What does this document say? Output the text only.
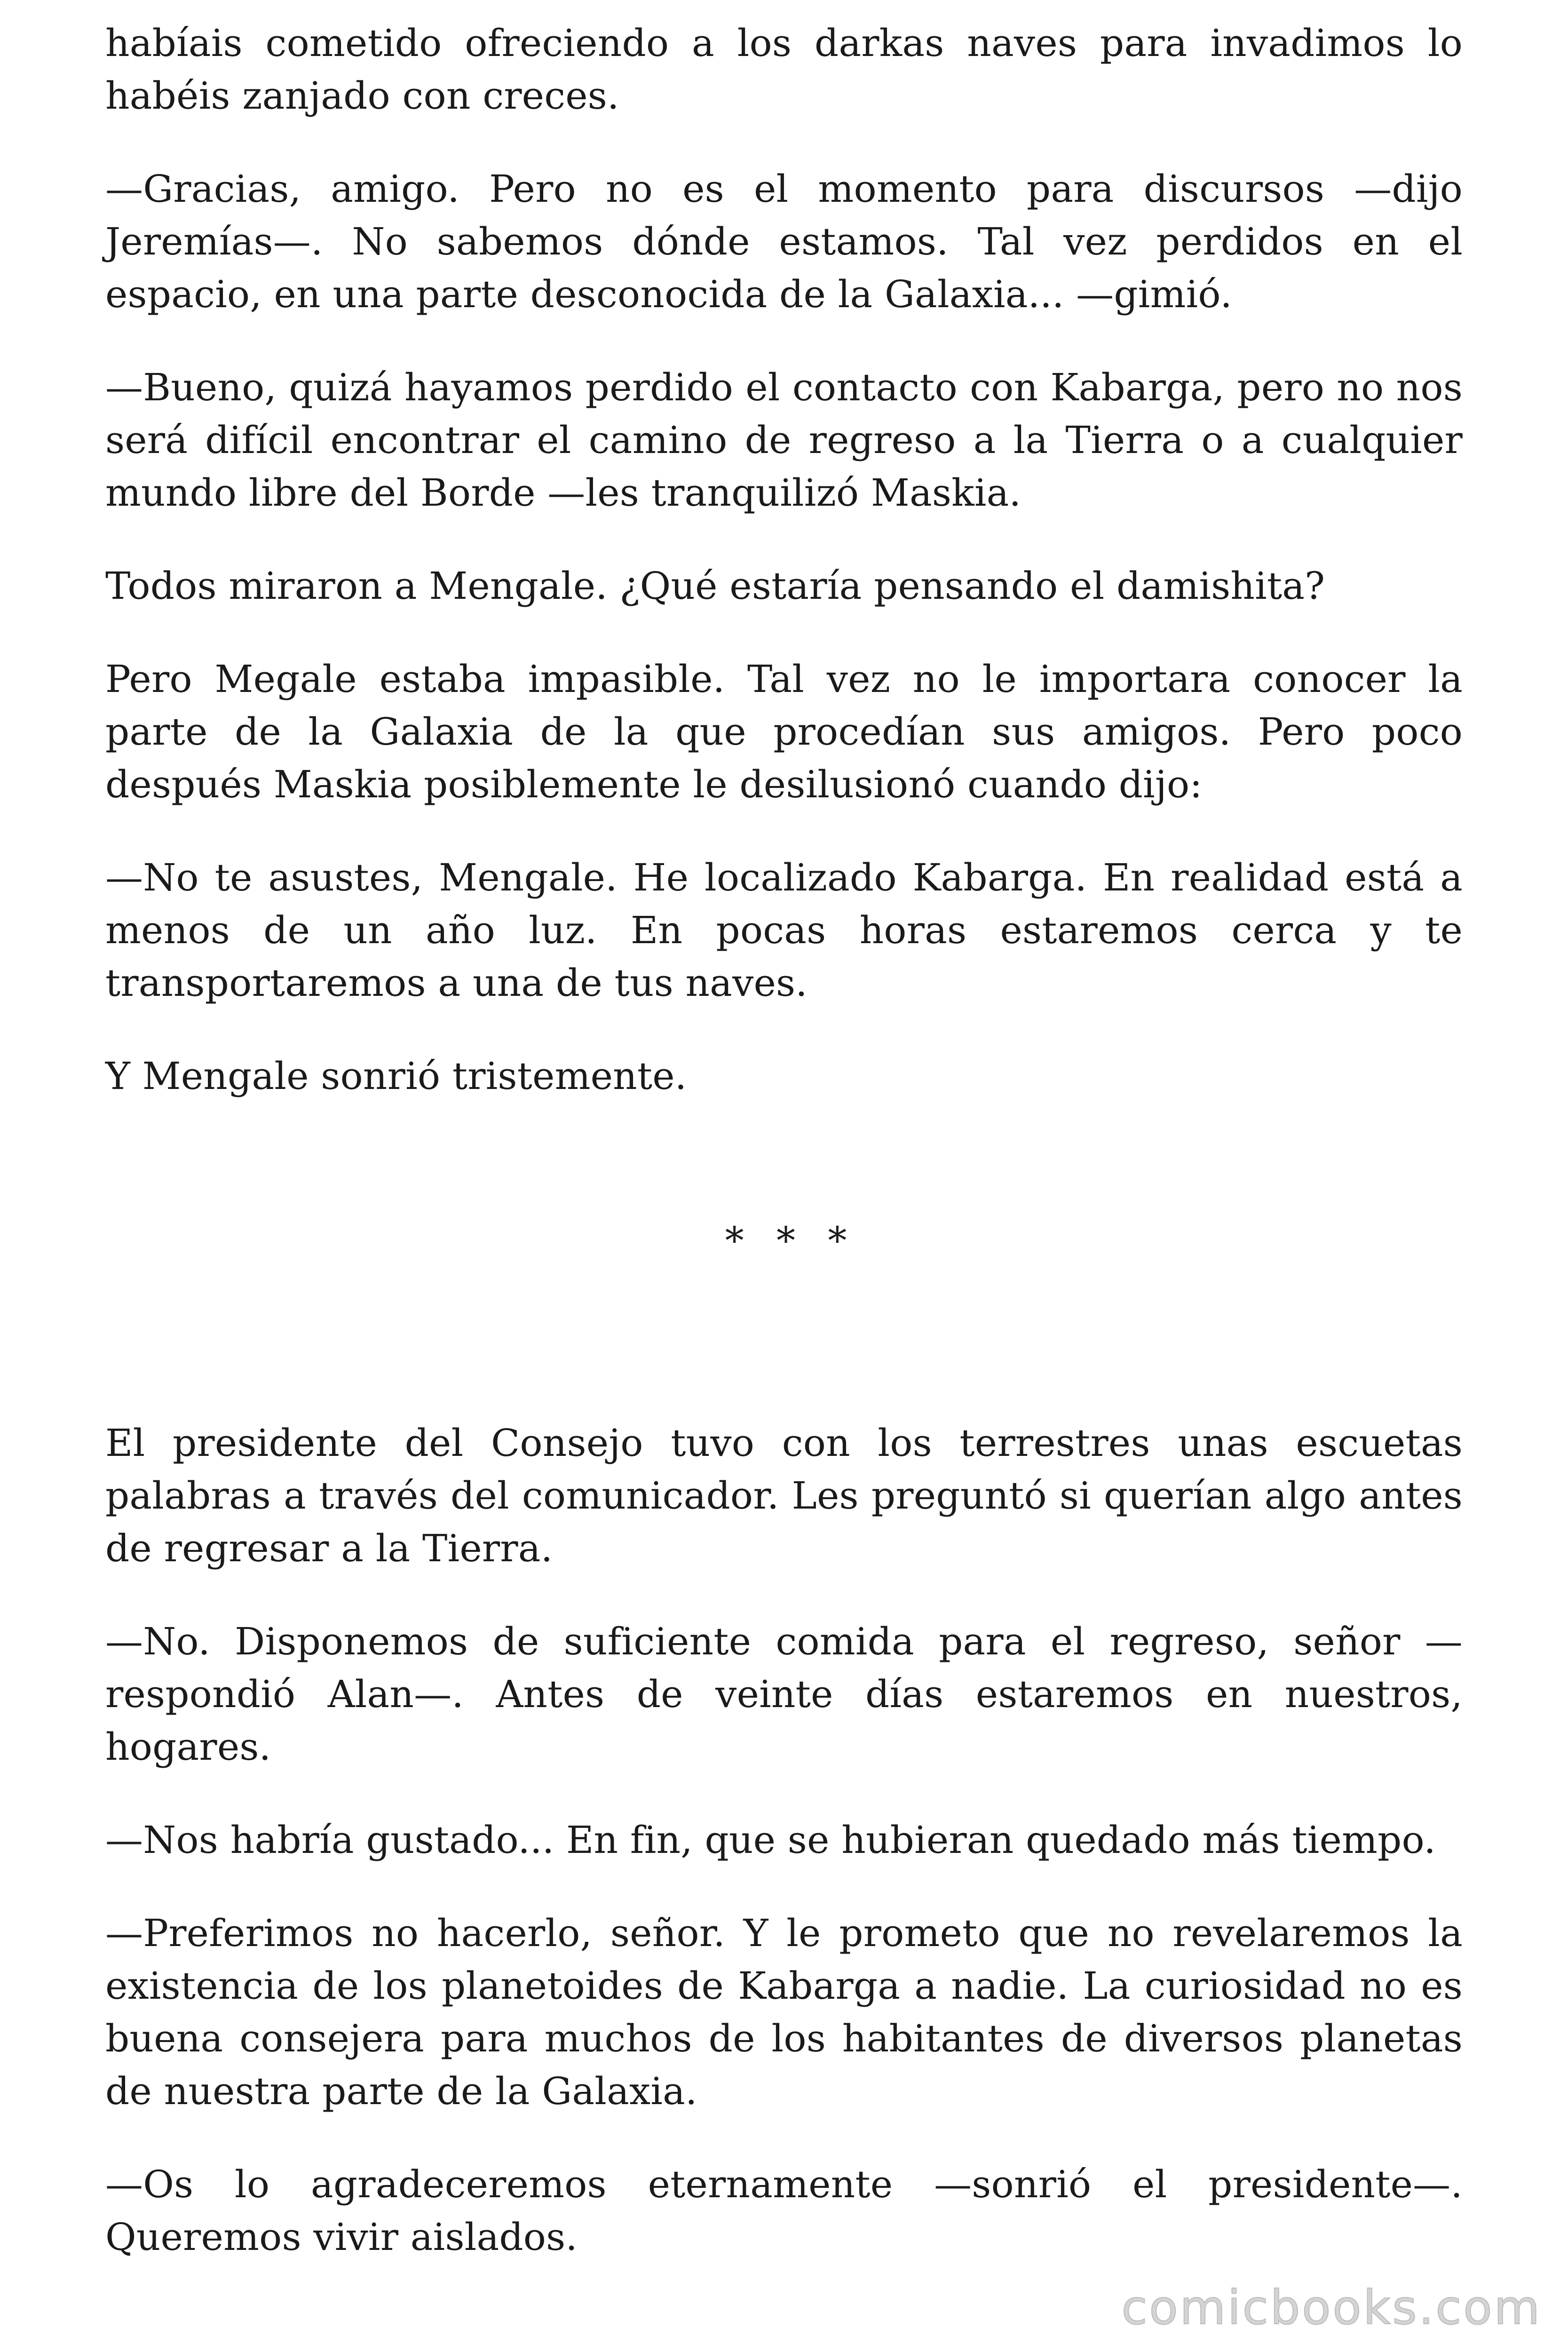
habíais cometido ofreciendo a los darkas naves para invadimos lo habéis zanjado con creces.

—Gracias, amigo. Pero no es el momento para discursos —dijo Jeremías—. No sabemos dónde estamos. Tal vez perdidos en el espacio, en una parte desconocida de la Galaxia... —gimió.

—Bueno, quizá hayamos perdido el contacto con Kabarga, pero no nos será difícil encontrar el camino de regreso a la Tierra o a cualquier mundo libre del Borde —les tranquilizó Maskia.

Todos miraron a Mengale. ¿Qué estaría pensando el damishita?

Pero Megale estaba impasible. Tal vez no le importara conocer la parte de la Galaxia de la que procedían sus amigos. Pero poco después Maskia posiblemente le desilusionó cuando dijo:

—No te asustes, Mengale. He localizado Kabarga. En realidad está a menos de un año luz. En pocas horas estaremos cerca y te transportaremos a una de tus naves.

Y Mengale sonrió tristemente.

* * *

El presidente del Consejo tuvo con los terrestres unas escuetas palabras a través del comunicador. Les preguntó si querían algo antes de regresar a la Tierra.

—No. Disponemos de suficiente comida para el regreso, señor —respondió Alan—. Antes de veinte días estaremos en nuestros, hogares.

—Nos habría gustado... En fin, que se hubieran quedado más tiempo.

—Preferimos no hacerlo, señor. Y le prometo que no revelaremos la existencia de los planetoides de Kabarga a nadie. La curiosidad no es buena consejera para muchos de los habitantes de diversos planetas de nuestra parte de la Galaxia.

—Os lo agradeceremos eternamente —sonrió el presidente—. Queremos vivir aislados.

comicbooks.com
